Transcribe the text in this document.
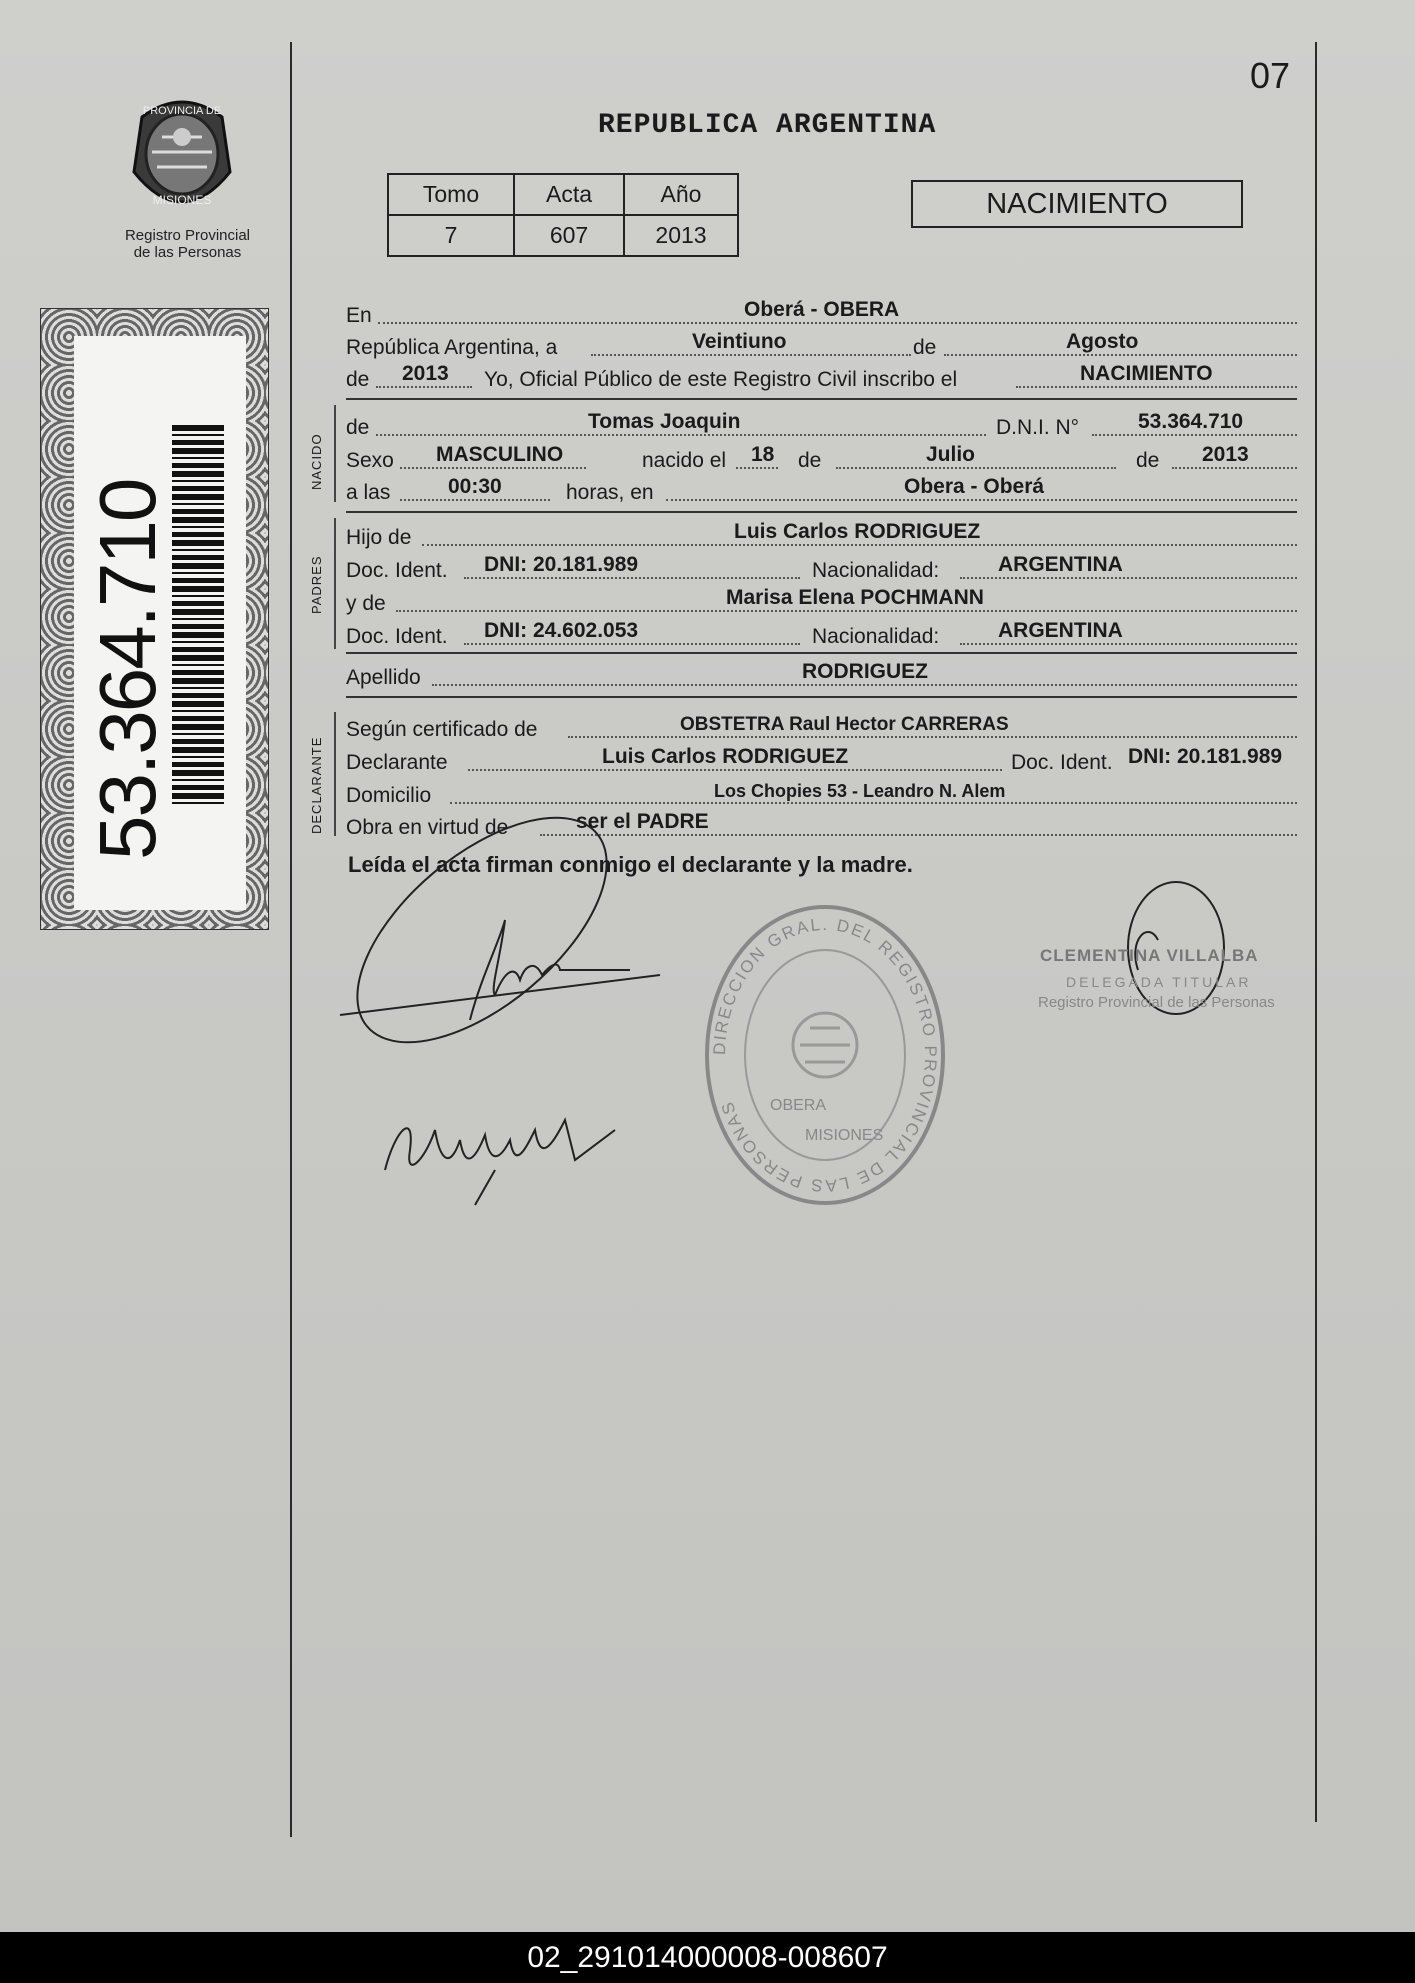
PROVINCIA DE
MISIONES
Registro Provincial
de las Personas
53.364.710
07
REPUBLICA ARGENTINA
Tomo	Acta	Año
7	607	2013
NACIMIENTO
En	Oberá - OBERA
República Argentina, a	Veintiuno	de	Agosto
de 2013 Yo, Oficial Público de este Registro Civil inscribo el	NACIMIENTO
NACIDO
de	Tomas Joaquin	D.N.I. N°	53.364.710
Sexo MASCULINO	nacido el 18 de	Julio	de 2013
a las	00:30	horas, en	Obera - Oberá
PADRES
Hijo de	Luis Carlos RODRIGUEZ
Doc. Ident. DNI: 20.181.989	Nacionalidad:	ARGENTINA
y de	Marisa Elena POCHMANN
Doc. Ident. DNI: 24.602.053	Nacionalidad:	ARGENTINA
Apellido	RODRIGUEZ
DECLARANTE
Según certificado de	OBSTETRA Raul Hector CARRERAS
Declarante	Luis Carlos RODRIGUEZ	Doc. Ident. DNI: 20.181.989
Domicilio	Los Chopies 53 - Leandro N. Alem
Obra en virtud de	ser el PADRE
Leída el acta firman conmigo el declarante y la madre.
DIRECCION GRAL. DEL REGISTRO PROVINCIAL DE LAS PERSONAS	OBERA
MISIONES
CLEMENTINA VILLALBA
DELEGADA TITULAR
Registro Provincial de las Personas
02_291014000008-008607
